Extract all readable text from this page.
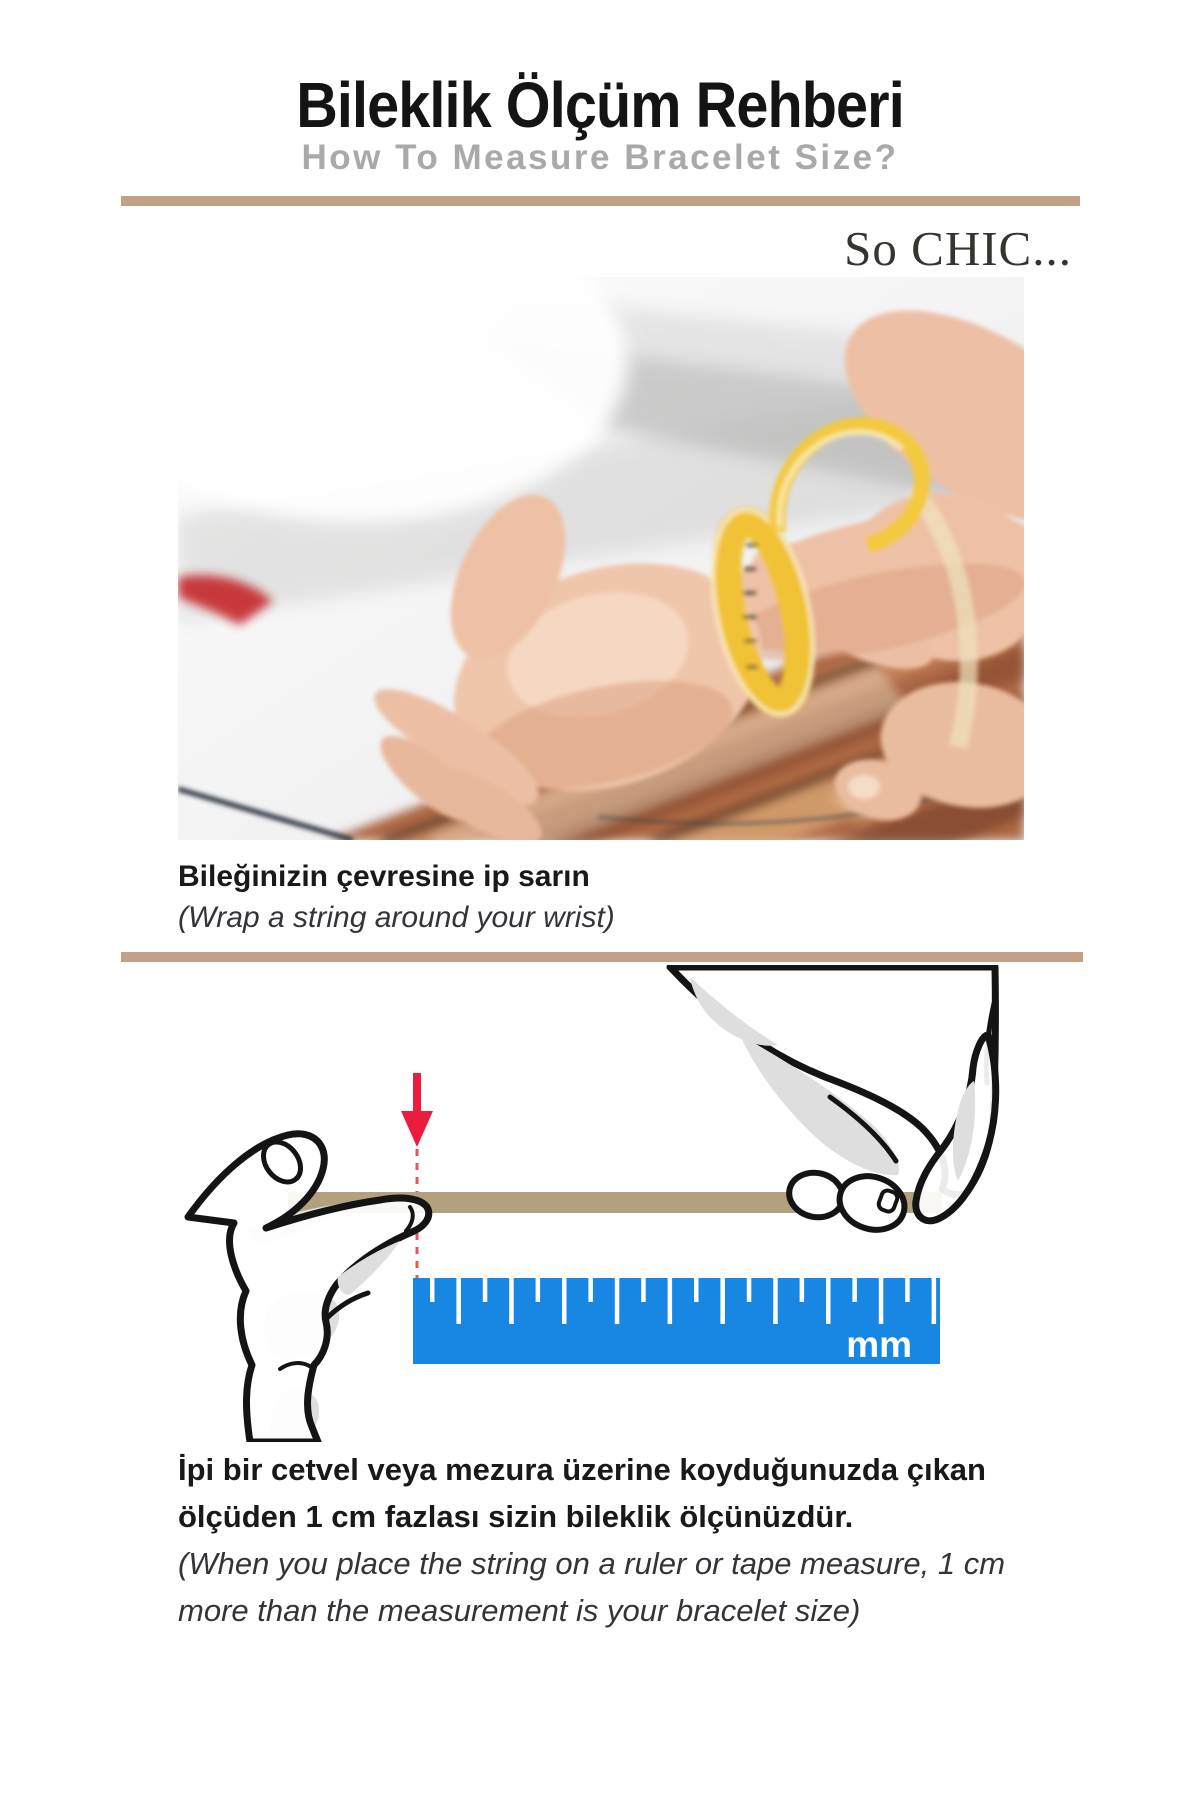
Bileklik Ölçüm Rehberi
How To Measure Bracelet Size?
So CHIC...
Bileğinizin çevresine ip sarın
(Wrap a string around your wrist)
mm
İpi bir cetvel veya mezura üzerine koyduğunuzda çıkan
ölçüden 1 cm fazlası sizin bileklik ölçünüzdür.
(When you place the string on a ruler or tape measure, 1 cm
more than the measurement is your bracelet size)
